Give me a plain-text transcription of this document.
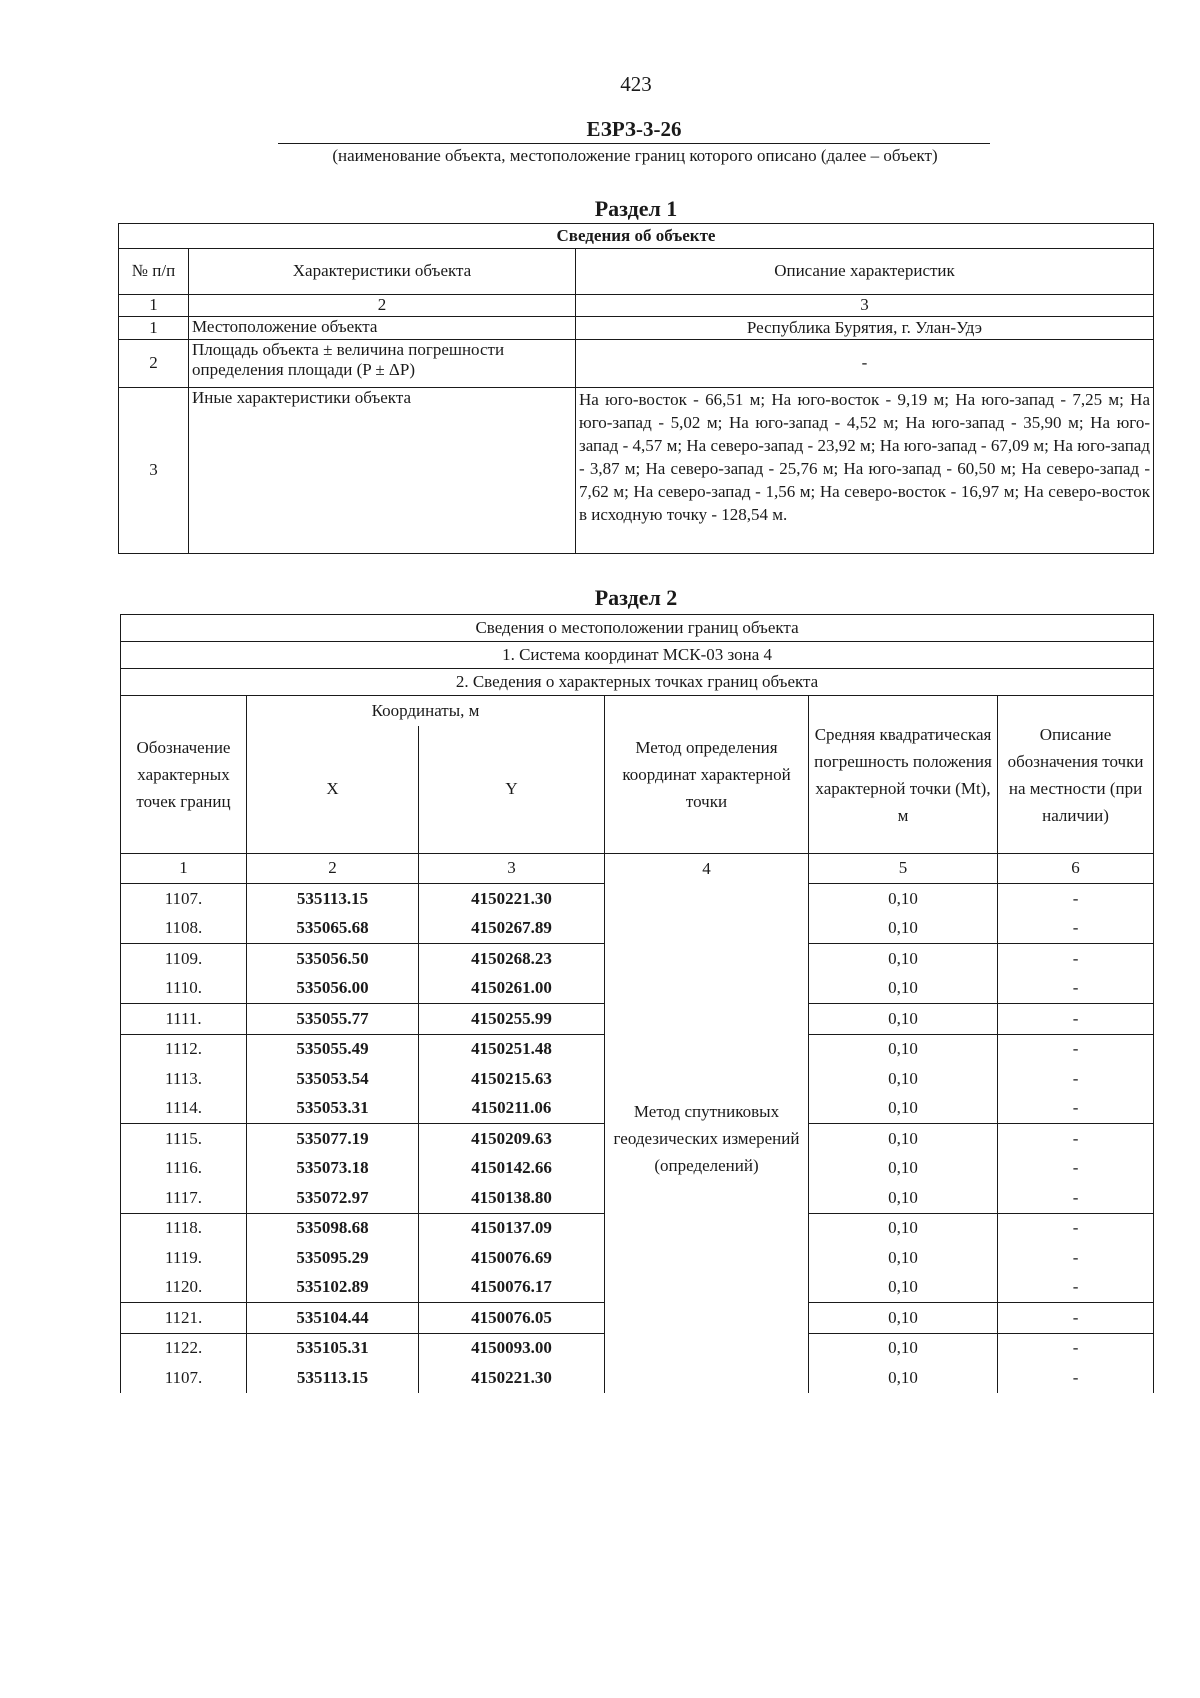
423
ЕЗРЗ-3-26
(наименование объекта, местоположение границ которого описано (далее – объект)
Раздел 1
Сведения об объекте		
№ п/п	Характеристики объекта	Описание характеристик
1	2	3
1	Местоположение объекта	Республика Бурятия, г. Улан-Удэ
2	Площадь объекта ± величина погрешности определения площади (P ± ΔP)	-
3	Иные характеристики объекта	На юго-восток - 66,51 м; На юго-восток - 9,19 м; На юго-запад - 7,25 м; На юго-запад - 5,02 м; На юго-запад - 4,52 м; На юго-запад - 35,90 м; На юго-запад - 4,57 м; На северо-запад - 23,92 м; На юго-запад - 67,09 м; На юго-запад - 3,87 м; На северо-запад - 25,76 м; На юго-запад - 60,50 м; На северо-запад - 7,62 м; На северо-запад - 1,56 м; На северо-восток - 16,97 м; На северо-восток в исходную точку - 128,54 м.
Раздел 2
Сведения о местоположении границ объекта					
1. Система координат МСК-03 зона 4					
2. Сведения о характерных точках границ объекта					
Обозначение характерных точек границ	Координаты, м		Метод определения координат характерной точки	Средняя квадратическая погрешность положения характерной точки (Mt), м	Описание обозначения точки на местности (при наличии)
	X	Y			
1	2	3	4	5	6
1107.	535113.15	4150221.30	Метод спутниковых геодезических измерений (определений)	0,10	-
1108.	535065.68	4150267.89		0,10	-
1109.	535056.50	4150268.23		0,10	-
1110.	535056.00	4150261.00		0,10	-
1111.	535055.77	4150255.99		0,10	-
1112.	535055.49	4150251.48		0,10	-
1113.	535053.54	4150215.63		0,10	-
1114.	535053.31	4150211.06		0,10	-
1115.	535077.19	4150209.63		0,10	-
1116.	535073.18	4150142.66		0,10	-
1117.	535072.97	4150138.80		0,10	-
1118.	535098.68	4150137.09		0,10	-
1119.	535095.29	4150076.69		0,10	-
1120.	535102.89	4150076.17		0,10	-
1121.	535104.44	4150076.05		0,10	-
1122.	535105.31	4150093.00		0,10	-
1107.	535113.15	4150221.30		0,10	-
